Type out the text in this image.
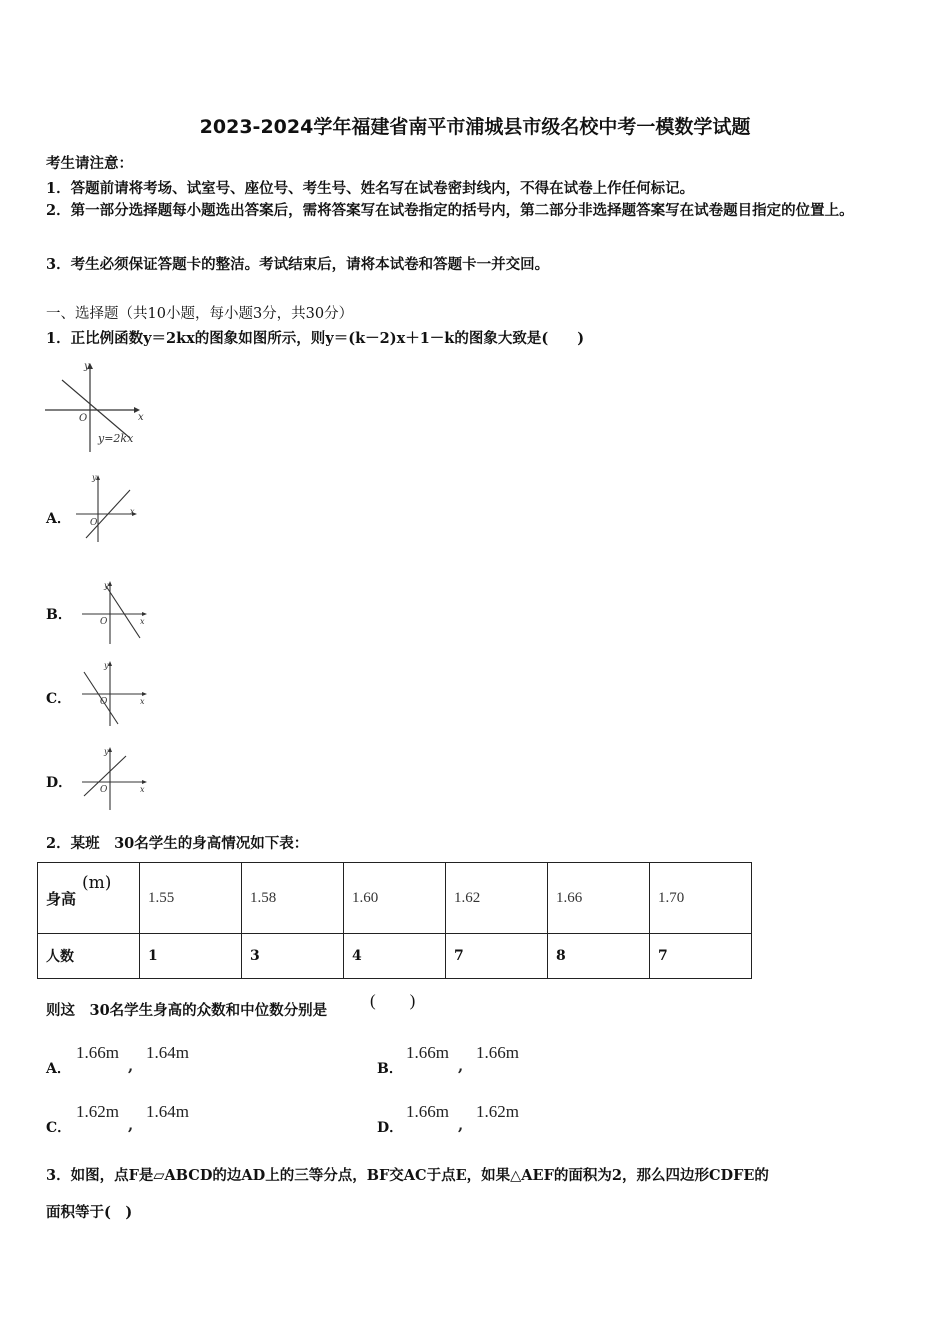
2023-2024学年福建省南平市浦城县市级名校中考一模数学试题
考生请注意：
1．答题前请将考场、试室号、座位号、考生号、姓名写在试卷密封线内，不得在试卷上作任何标记。
2．第一部分选择题每小题选出答案后，需将答案写在试卷指定的括号内，第二部分非选择题答案写在试卷题目指定的位置上。
3．考生必须保证答题卡的整洁。考试结束后，请将本试卷和答题卡一并交回。
一、选择题（共10小题，每小题3分，共30分）
1．正比例函数y＝2kx的图象如图所示，则y＝(k－2)x＋1－k的图象大致是(　　)
y
x
O
y=2kx
A．
y
x
O
B．
y
x
O
C．
y
x
O
D．
y
x
O
2．某班　30名学生的身高情况如下表：
身高
(m)	1.55	1.58	1.60	1.62	1.66	1.70
人数	1	3	4	7	8	7
则这　30名学生身高的众数和中位数分别是
(　　)
A．
1.66m
,
1.64m
B．
1.66m
,
1.66m
C．
1.62m
,
1.64m
D．
1.66m
,
1.62m
3．如图，点F是▱ABCD的边AD上的三等分点，BF交AC于点E，如果△AEF的面积为2，那么四边形CDFE的
面积等于(　)
